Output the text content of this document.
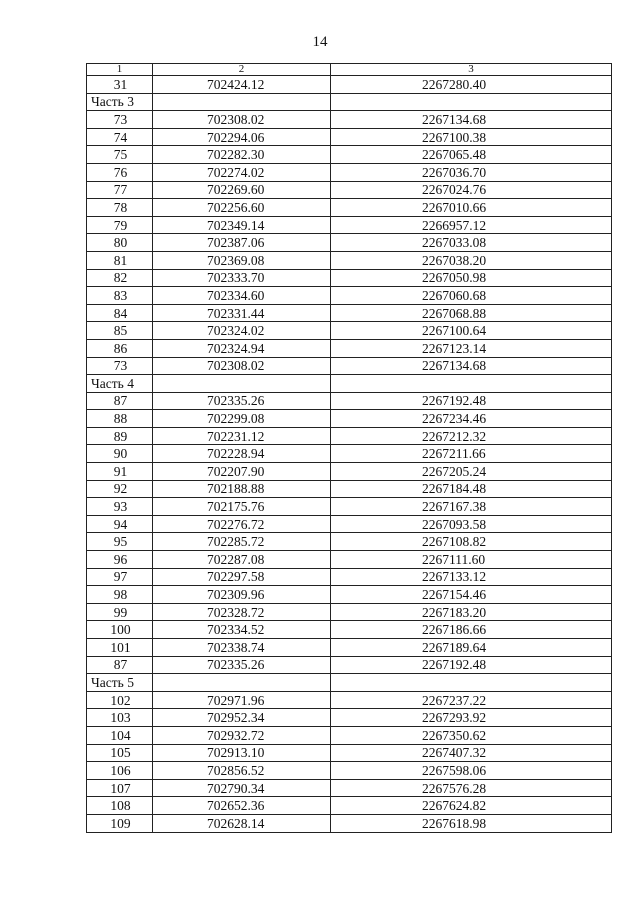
14
1	2	3
31	702424.12	2267280.40
Часть 3		
73	702308.02	2267134.68
74	702294.06	2267100.38
75	702282.30	2267065.48
76	702274.02	2267036.70
77	702269.60	2267024.76
78	702256.60	2267010.66
79	702349.14	2266957.12
80	702387.06	2267033.08
81	702369.08	2267038.20
82	702333.70	2267050.98
83	702334.60	2267060.68
84	702331.44	2267068.88
85	702324.02	2267100.64
86	702324.94	2267123.14
73	702308.02	2267134.68
Часть 4		
87	702335.26	2267192.48
88	702299.08	2267234.46
89	702231.12	2267212.32
90	702228.94	2267211.66
91	702207.90	2267205.24
92	702188.88	2267184.48
93	702175.76	2267167.38
94	702276.72	2267093.58
95	702285.72	2267108.82
96	702287.08	2267111.60
97	702297.58	2267133.12
98	702309.96	2267154.46
99	702328.72	2267183.20
100	702334.52	2267186.66
101	702338.74	2267189.64
87	702335.26	2267192.48
Часть 5		
102	702971.96	2267237.22
103	702952.34	2267293.92
104	702932.72	2267350.62
105	702913.10	2267407.32
106	702856.52	2267598.06
107	702790.34	2267576.28
108	702652.36	2267624.82
109	702628.14	2267618.98
